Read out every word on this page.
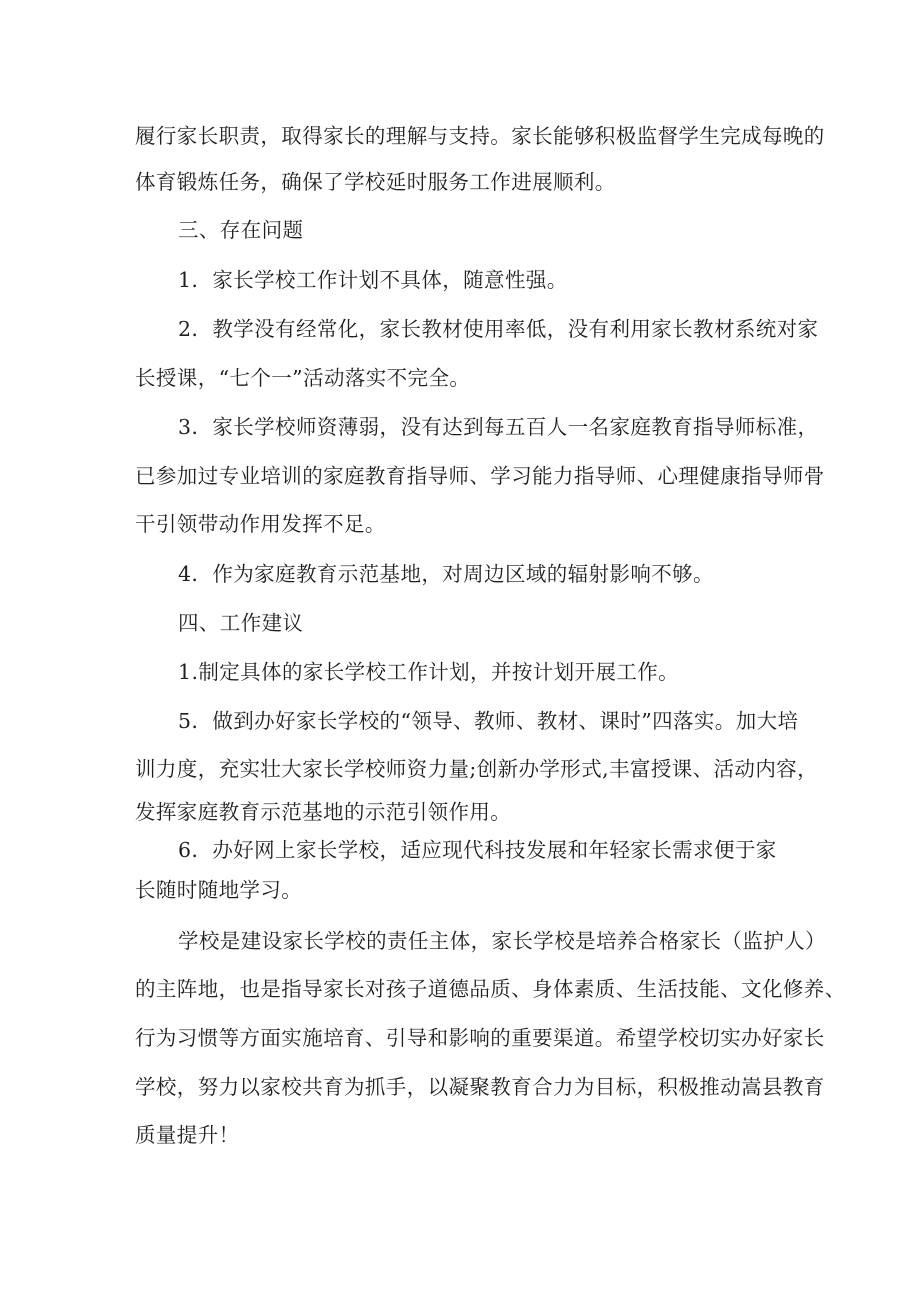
履行家长职责，取得家长的理解与支持。家长能够积极监督学生完成每晚的
体育锻炼任务，确保了学校延时服务工作进展顺利。
三、存在问题
1．家长学校工作计划不具体，随意性强。
2．教学没有经常化，家长教材使用率低，没有利用家长教材系统对家
长授课，“七个一”活动落实不完全。
3．家长学校师资薄弱，没有达到每五百人一名家庭教育指导师标准，
已参加过专业培训的家庭教育指导师、学习能力指导师、心理健康指导师骨
干引领带动作用发挥不足。
4．作为家庭教育示范基地，对周边区域的辐射影响不够。
四、工作建议
1.制定具体的家长学校工作计划，并按计划开展工作。
5．做到办好家长学校的“领导、教师、教材、课时”四落实。加大培
训力度，充实壮大家长学校师资力量;创新办学形式,丰富授课、活动内容，
发挥家庭教育示范基地的示范引领作用。
6．办好网上家长学校，适应现代科技发展和年轻家长需求便于家
长随时随地学习。
学校是建设家长学校的责任主体，家长学校是培养合格家长（监护人）
的主阵地，也是指导家长对孩子道德品质、身体素质、生活技能、文化修养、
行为习惯等方面实施培育、引导和影响的重要渠道。希望学校切实办好家长
学校，努力以家校共育为抓手，以凝聚教育合力为目标，积极推动嵩县教育
质量提升！
